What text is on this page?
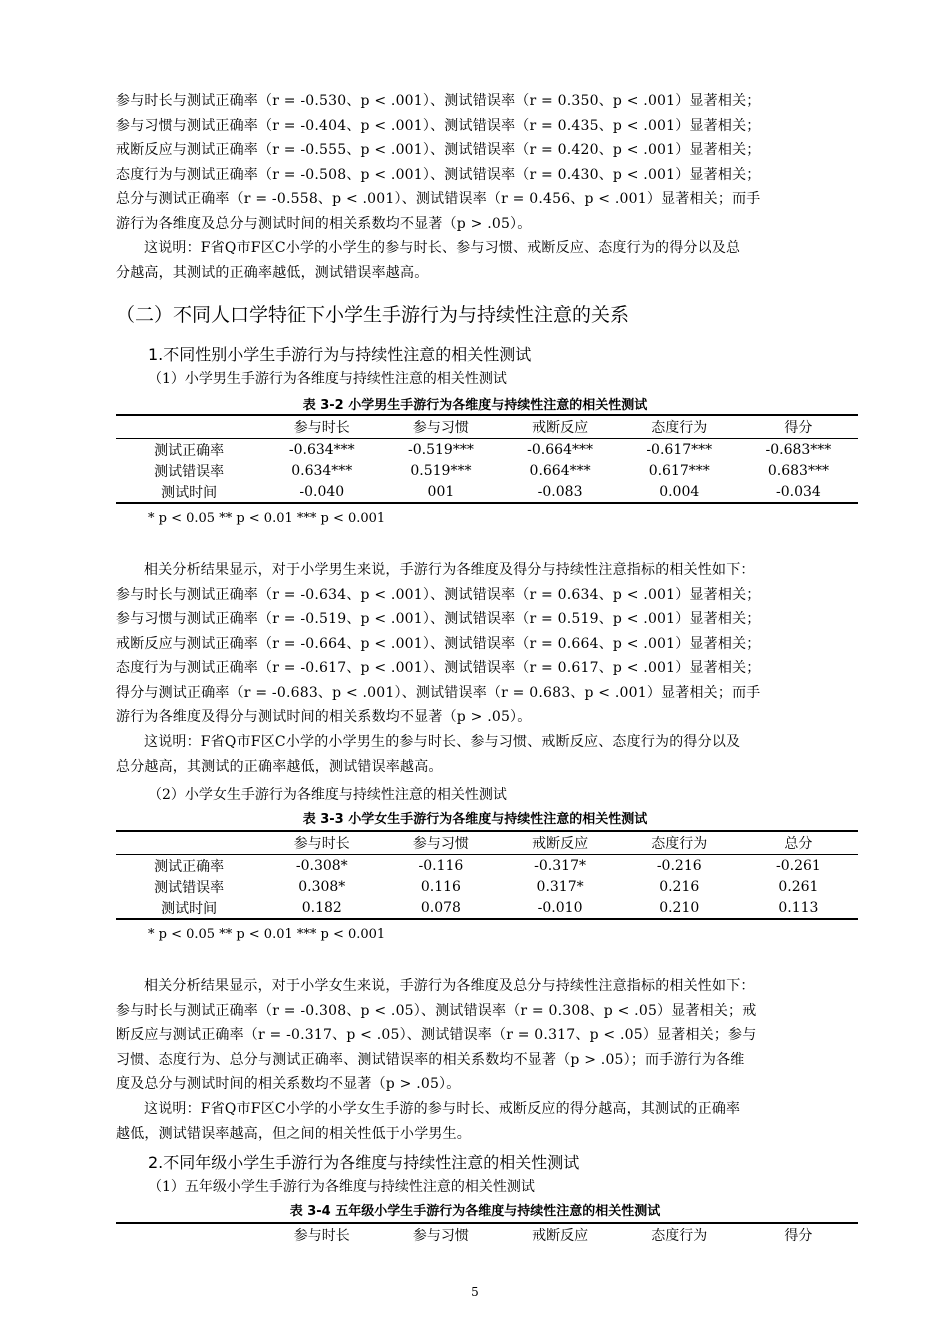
参与时长与测试正确率（r = -0.530、p < .001）、测试错误率（r = 0.350、p < .001）显著相关；
参与习惯与测试正确率（r = -0.404、p < .001）、测试错误率（r = 0.435、p < .001）显著相关；
戒断反应与测试正确率（r = -0.555、p < .001）、测试错误率（r = 0.420、p < .001）显著相关；
态度行为与测试正确率（r = -0.508、p < .001）、测试错误率（r = 0.430、p < .001）显著相关；
总分与测试正确率（r = -0.558、p < .001）、测试错误率（r = 0.456、p < .001）显著相关；而手
游行为各维度及总分与测试时间的相关系数均不显著（p > .05）。
这说明：F省Q市F区C小学的小学生的参与时长、参与习惯、戒断反应、态度行为的得分以及总
分越高，其测试的正确率越低，测试错误率越高。
（二）不同人口学特征下小学生手游行为与持续性注意的关系
1.不同性别小学生手游行为与持续性注意的相关性测试
（1）小学男生手游行为各维度与持续性注意的相关性测试
表 3-2 小学男生手游行为各维度与持续性注意的相关性测试
	参与时长	参与习惯	戒断反应	态度行为	得分
测试正确率	-0.634***	-0.519***	-0.664***	-0.617***	-0.683***
测试错误率	0.634***	0.519***	0.664***	0.617***	0.683***
测试时间	-0.040	001	-0.083	0.004	-0.034
* p < 0.05 ** p < 0.01 *** p < 0.001
相关分析结果显示，对于小学男生来说，手游行为各维度及得分与持续性注意指标的相关性如下：
参与时长与测试正确率（r = -0.634、p < .001）、测试错误率（r = 0.634、p < .001）显著相关；
参与习惯与测试正确率（r = -0.519、p < .001）、测试错误率（r = 0.519、p < .001）显著相关；
戒断反应与测试正确率（r = -0.664、p < .001）、测试错误率（r = 0.664、p < .001）显著相关；
态度行为与测试正确率（r = -0.617、p < .001）、测试错误率（r = 0.617、p < .001）显著相关；
得分与测试正确率（r = -0.683、p < .001）、测试错误率（r = 0.683、p < .001）显著相关；而手
游行为各维度及得分与测试时间的相关系数均不显著（p > .05）。
这说明：F省Q市F区C小学的小学男生的参与时长、参与习惯、戒断反应、态度行为的得分以及
总分越高，其测试的正确率越低，测试错误率越高。
（2）小学女生手游行为各维度与持续性注意的相关性测试
表 3-3 小学女生手游行为各维度与持续性注意的相关性测试
	参与时长	参与习惯	戒断反应	态度行为	总分
测试正确率	-0.308*	-0.116	-0.317*	-0.216	-0.261
测试错误率	0.308*	0.116	0.317*	0.216	0.261
测试时间	0.182	0.078	-0.010	0.210	0.113
* p < 0.05 ** p < 0.01 *** p < 0.001
相关分析结果显示，对于小学女生来说，手游行为各维度及总分与持续性注意指标的相关性如下：
参与时长与测试正确率（r = -0.308、p < .05）、测试错误率（r = 0.308、p < .05）显著相关；戒
断反应与测试正确率（r = -0.317、p < .05）、测试错误率（r = 0.317、p < .05）显著相关；参与
习惯、态度行为、总分与测试正确率、测试错误率的相关系数均不显著（p > .05）；而手游行为各维
度及总分与测试时间的相关系数均不显著（p > .05）。
这说明：F省Q市F区C小学的小学女生手游的参与时长、戒断反应的得分越高，其测试的正确率
越低，测试错误率越高，但之间的相关性低于小学男生。
2.不同年级小学生手游行为各维度与持续性注意的相关性测试
（1）五年级小学生手游行为各维度与持续性注意的相关性测试
表 3-4 五年级小学生手游行为各维度与持续性注意的相关性测试
	参与时长	参与习惯	戒断反应	态度行为	得分
5
